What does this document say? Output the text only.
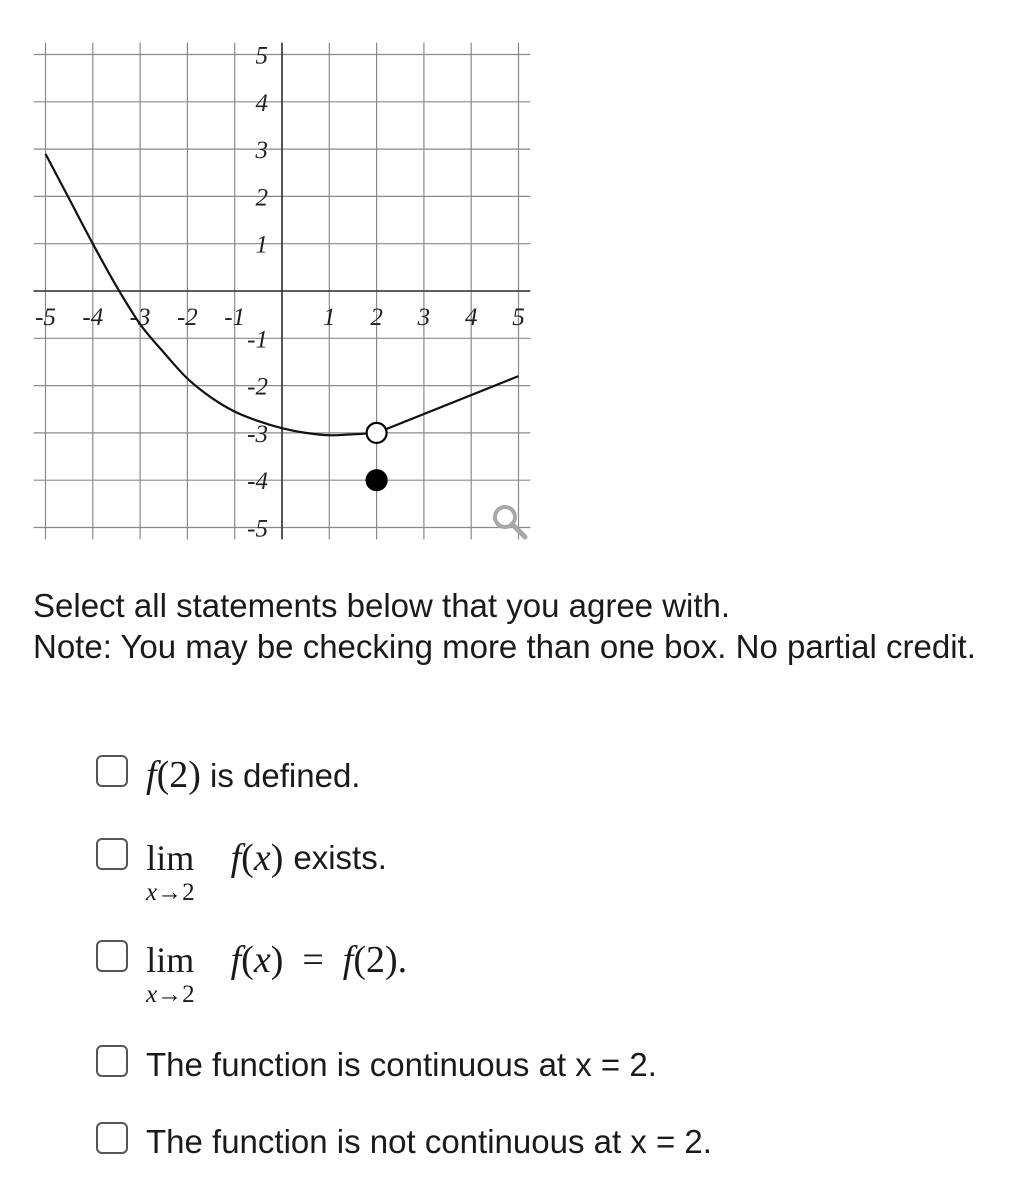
-5 -4 -3 -2 -1	1 2 3 4 5
5
4
3
2
1
-1
-2
-3
-4
-5

Select all statements below that you agree with.

Note: You may be checking more than one box. No partial credit.

f(2) is defined.
lim
x→2
f(x) exists.
lim
x→2
f(x)  =  f(2).
The function is continuous at x = 2.
The function is not continuous at x = 2.
